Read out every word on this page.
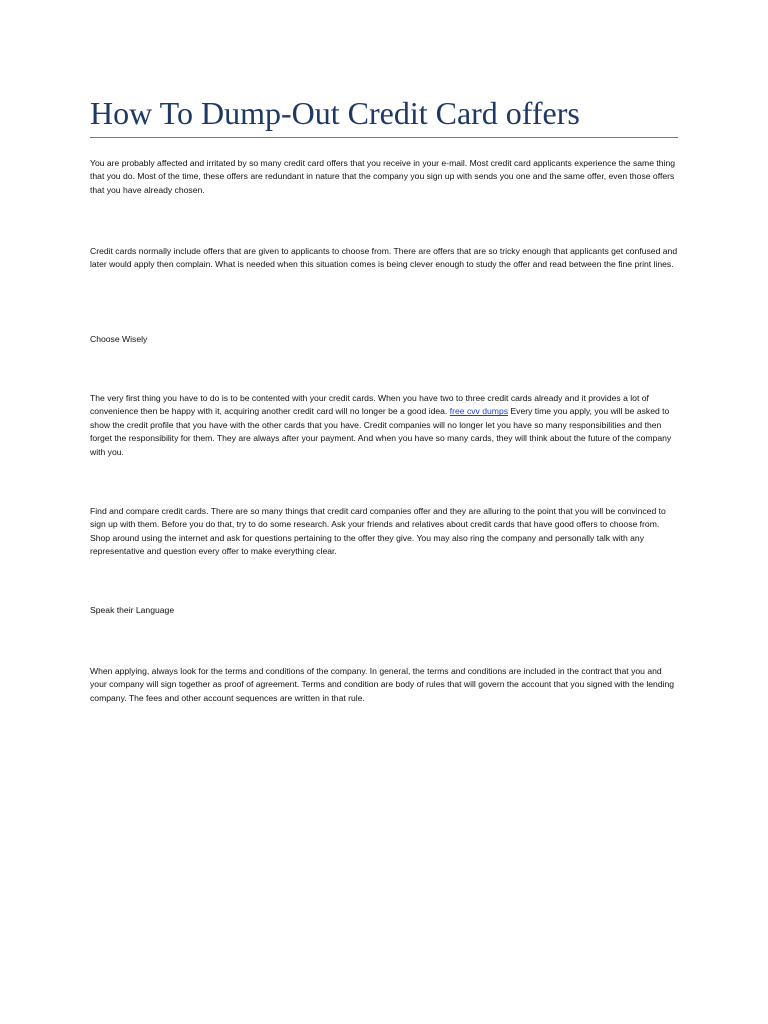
How To Dump-Out Credit Card offers

You are probably affected and irritated by so many credit card offers that you receive in your e-mail. Most credit card applicants experience the same thing that you do. Most of the time, these offers are redundant in nature that the company you sign up with sends you one and the same offer, even those offers that you have already chosen.

Credit cards normally include offers that are given to applicants to choose from. There are offers that are so tricky enough that applicants get confused and later would apply then complain. What is needed when this situation comes is being clever enough to study the offer and read between the fine print lines.

Choose Wisely

The very first thing you have to do is to be contented with your credit cards. When you have two to three credit cards already and it provides a lot of convenience then be happy with it, acquiring another credit card will no longer be a good idea. free cvv dumps Every time you apply, you will be asked to show the credit profile that you have with the other cards that you have. Credit companies will no longer let you have so many responsibilities and then forget the responsibility for them. They are always after your payment. And when you have so many cards, they will think about the future of the company with you.

Find and compare credit cards. There are so many things that credit card companies offer and they are alluring to the point that you will be convinced to sign up with them. Before you do that, try to do some research. Ask your friends and relatives about credit cards that have good offers to choose from. Shop around using the internet and ask for questions pertaining to the offer they give. You may also ring the company and personally talk with any representative and question every offer to make everything clear.

Speak their Language

When applying, always look for the terms and conditions of the company. In general, the terms and conditions are included in the contract that you and your company will sign together as proof of agreement. Terms and condition are body of rules that will govern the account that you signed with the lending company. The fees and other account sequences are written in that rule.
